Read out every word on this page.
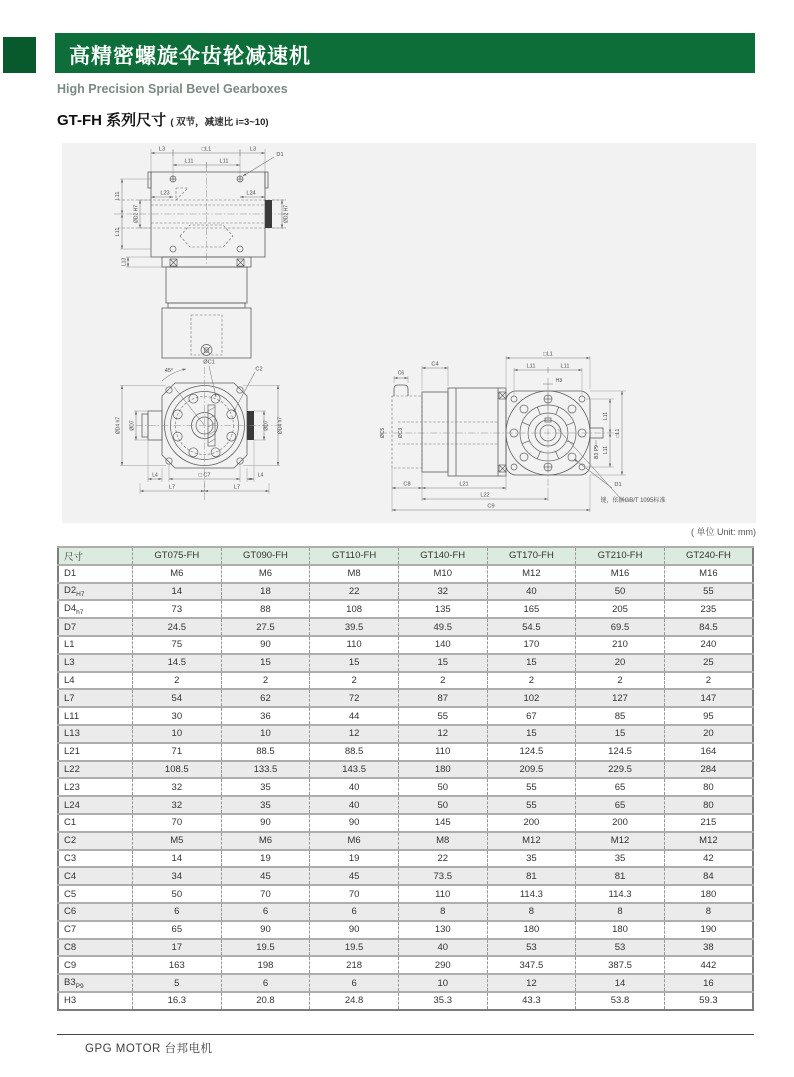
高精密螺旋伞齿轮减速机
High Precision Sprial Bevel Gearboxes
GT-FH 系列尺寸 ( 双节，减速比 i=3~10)
L3	□L1	L3
D1
L11	L11
L23	L24
L11
L11
L13
ØD2 H7	ØD2 H7
45°
ØC1
C2
ØD7
ØD4 h7	ØD7 ØD4 h7
L4	□ C7	L4
L7	L7
C6
C4
□L1
L11	L11
H3
ØC5 ØC3
L11
L11
□L1
B3 P9
C8	L21
L22
C9
D1
键，依据GB/T 1095标准
( 单位 Unit: mm)
尺寸	GT075-FH	GT090-FH	GT110-FH	GT140-FH	GT170-FH	GT210-FH	GT240-FH
D1	M6	M6	M8	M10	M12	M16	M16
$D2_{H7}$	14	18	22	32	40	50	55
$D4_{h7}$	73	88	108	135	165	205	235
D7	24.5	27.5	39.5	49.5	54.5	69.5	84.5
L1	75	90	110	140	170	210	240
L3	14.5	15	15	15	15	20	25
L4	2	2	2	2	2	2	2
L7	54	62	72	87	102	127	147
L11	30	36	44	55	67	85	95
L13	10	10	12	12	15	15	20
L21	71	88.5	88.5	110	124.5	124.5	164
L22	108.5	133.5	143.5	180	209.5	229.5	284
L23	32	35	40	50	55	65	80
L24	32	35	40	50	55	65	80
C1	70	90	90	145	200	200	215
C2	M5	M6	M6	M8	M12	M12	M12
C3	14	19	19	22	35	35	42
C4	34	45	45	73.5	81	81	84
C5	50	70	70	110	114.3	114.3	180
C6	6	6	6	8	8	8	8
C7	65	90	90	130	180	180	190
C8	17	19.5	19.5	40	53	53	38
C9	163	198	218	290	347.5	387.5	442
$B3_{P9}$	5	6	6	10	12	14	16
H3	16.3	20.8	24.8	35.3	43.3	53.8	59.3
GPG MOTOR 台邦电机
